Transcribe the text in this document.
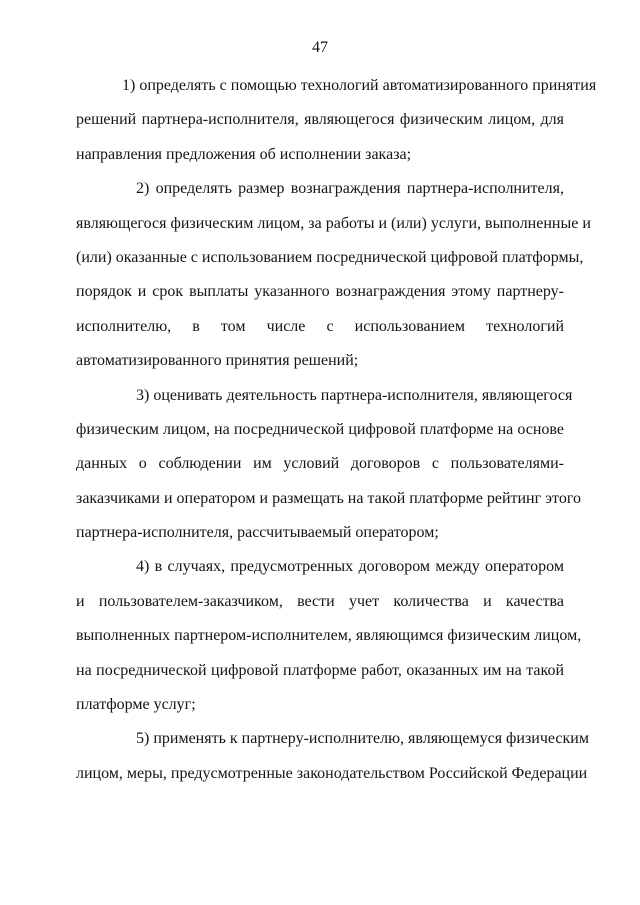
47
1) определять с помощью технологий автоматизированного принятия
решений партнера-исполнителя, являющегося физическим лицом, для
направления предложения об исполнении заказа;
2) определять размер вознаграждения партнера-исполнителя,
являющегося физическим лицом, за работы и (или) услуги, выполненные и
(или) оказанные с использованием посреднической цифровой платформы,
порядок и срок выплаты указанного вознаграждения этому партнеру-
исполнителю, в том числе с использованием технологий
автоматизированного принятия решений;
3) оценивать деятельность партнера-исполнителя, являющегося
физическим лицом, на посреднической цифровой платформе на основе
данных о соблюдении им условий договоров с пользователями-
заказчиками и оператором и размещать на такой платформе рейтинг этого
партнера-исполнителя, рассчитываемый оператором;
4) в случаях, предусмотренных договором между оператором
и пользователем-заказчиком, вести учет количества и качества
выполненных партнером-исполнителем, являющимся физическим лицом,
на посреднической цифровой платформе работ, оказанных им на такой
платформе услуг;
5) применять к партнеру-исполнителю, являющемуся физическим
лицом, меры, предусмотренные законодательством Российской Федерации
